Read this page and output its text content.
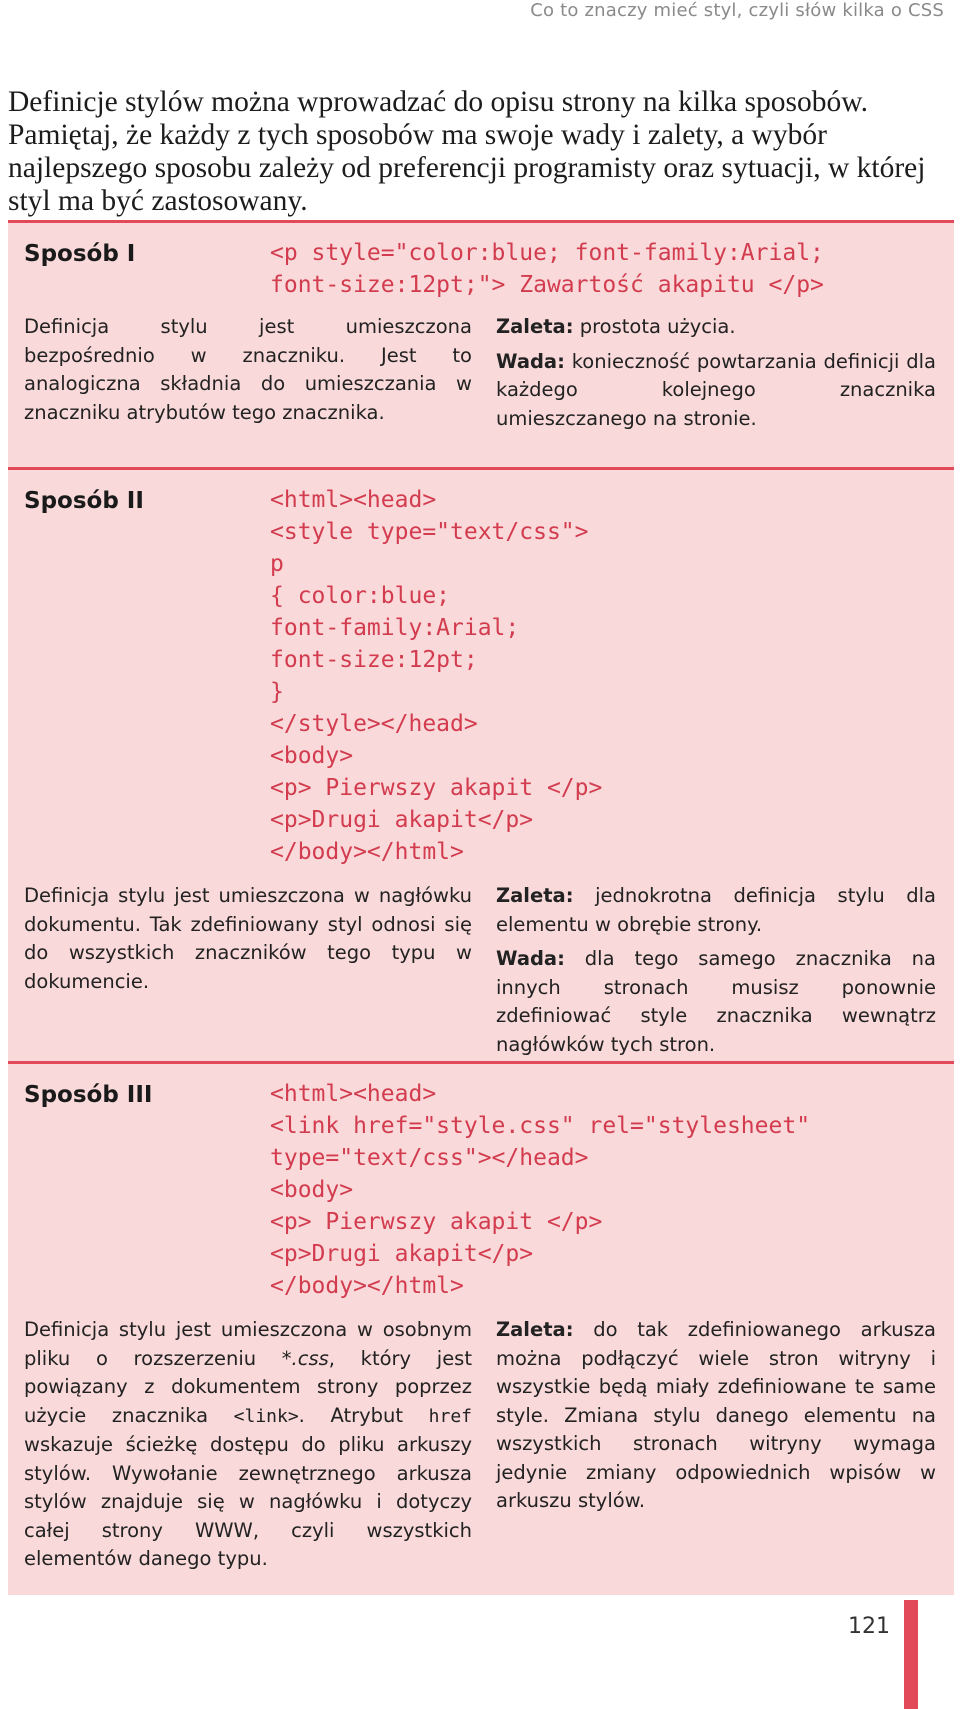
Co to znaczy mieć styl, czyli słów kilka o CSS

Definicje stylów można wprowadzać do opisu strony na kilka sposobów. Pamiętaj, że każdy z tych sposobów ma swoje wady i zalety, a wybór najlepszego sposobu zależy od preferencji programisty oraz sytuacji, w której styl ma być zastosowany.

Sposób I	<p style="color:blue; font-family:Arial;
font-size:12pt;"> Zawartość akapitu </p>

Definicja stylu jest umieszczona bezpośrednio w znaczniku. Jest to analogiczna składnia do umieszczania w znaczniku atrybutów tego znacznika.

Zaleta: prostota użycia.

Wada: konieczność powtarzania definicji dla każdego kolejnego znacznika umieszczanego na stronie.

Sposób II	<html><head>
<style type="text/css">
p
{ color:blue;
font-family:Arial;
font-size:12pt;
}
</style></head>
<body>
<p> Pierwszy akapit </p>
<p>Drugi akapit</p>
</body></html>

Definicja stylu jest umieszczona w nagłówku dokumentu. Tak zdefiniowany styl odnosi się do wszystkich znaczników tego typu w dokumencie.

Zaleta: jednokrotna definicja stylu dla elementu w obrębie strony.

Wada: dla tego samego znacznika na innych stronach musisz ponownie zdefiniować style znacznika wewnątrz nagłówków tych stron.

Sposób III	<html><head>
<link href="style.css" rel="stylesheet"
type="text/css"></head>
<body>
<p> Pierwszy akapit </p>
<p>Drugi akapit</p>
</body></html>

Definicja stylu jest umieszczona w osobnym pliku o rozszerzeniu *.css, który jest powiązany z dokumentem strony poprzez użycie znacznika <link>. Atrybut href wskazuje ścieżkę dostępu do pliku arkuszy stylów. Wywołanie zewnętrznego arkusza stylów znajduje się w nagłówku i dotyczy całej strony WWW, czyli wszystkich elementów danego typu.

Zaleta: do tak zdefiniowanego arkusza można podłączyć wiele stron witryny i wszystkie będą miały zdefiniowane te same style. Zmiana stylu danego elementu na wszystkich stronach witryny wymaga jedynie zmiany odpowiednich wpisów w arkuszu stylów.

121
